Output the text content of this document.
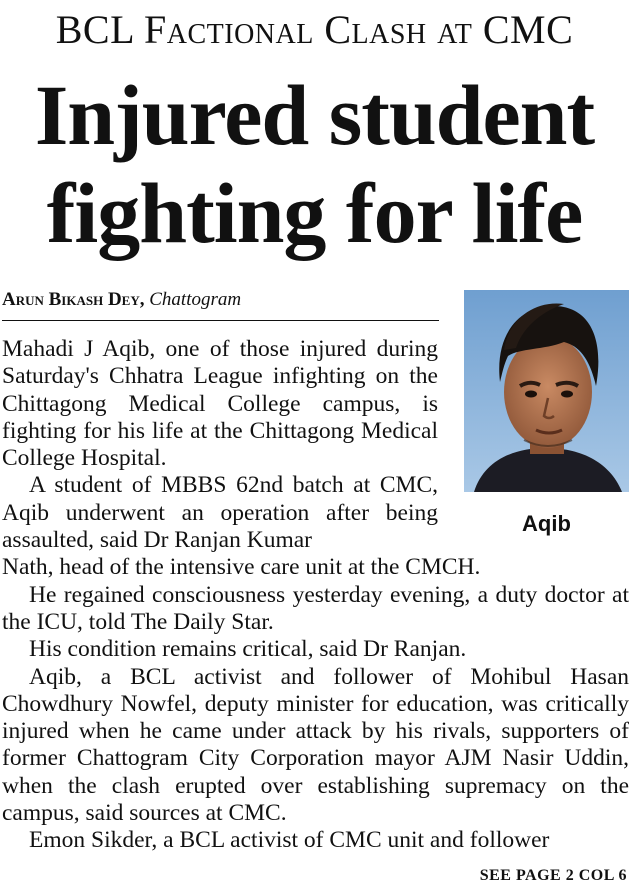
BCL Factional Clash at CMC
Injured student
fighting for life
Arun Bikash Dey, Chattogram
Aqib

Mahadi J Aqib, one of those injured during Saturday's Chhatra League infighting on the Chittagong Medical College campus, is fighting for his life at the Chittagong Medical College Hospital.

A student of MBBS 62nd batch at CMC, Aqib underwent an operation after being assaulted, said Dr Ranjan Kumar

Nath, head of the intensive care unit at the CMCH.

He regained consciousness yesterday evening, a duty doctor at the ICU, told The Daily Star.

His condition remains critical, said Dr Ranjan.

Aqib, a BCL activist and follower of Mohibul Hasan Chowdhury Nowfel, deputy minister for education, was critically injured when he came under attack by his rivals, supporters of former Chattogram City Corporation mayor AJM Nasir Uddin, when the clash erupted over establishing supremacy on the campus, said sources at CMC.

Emon Sikder, a BCL activist of CMC unit and follower

SEE PAGE 2 COL 6
